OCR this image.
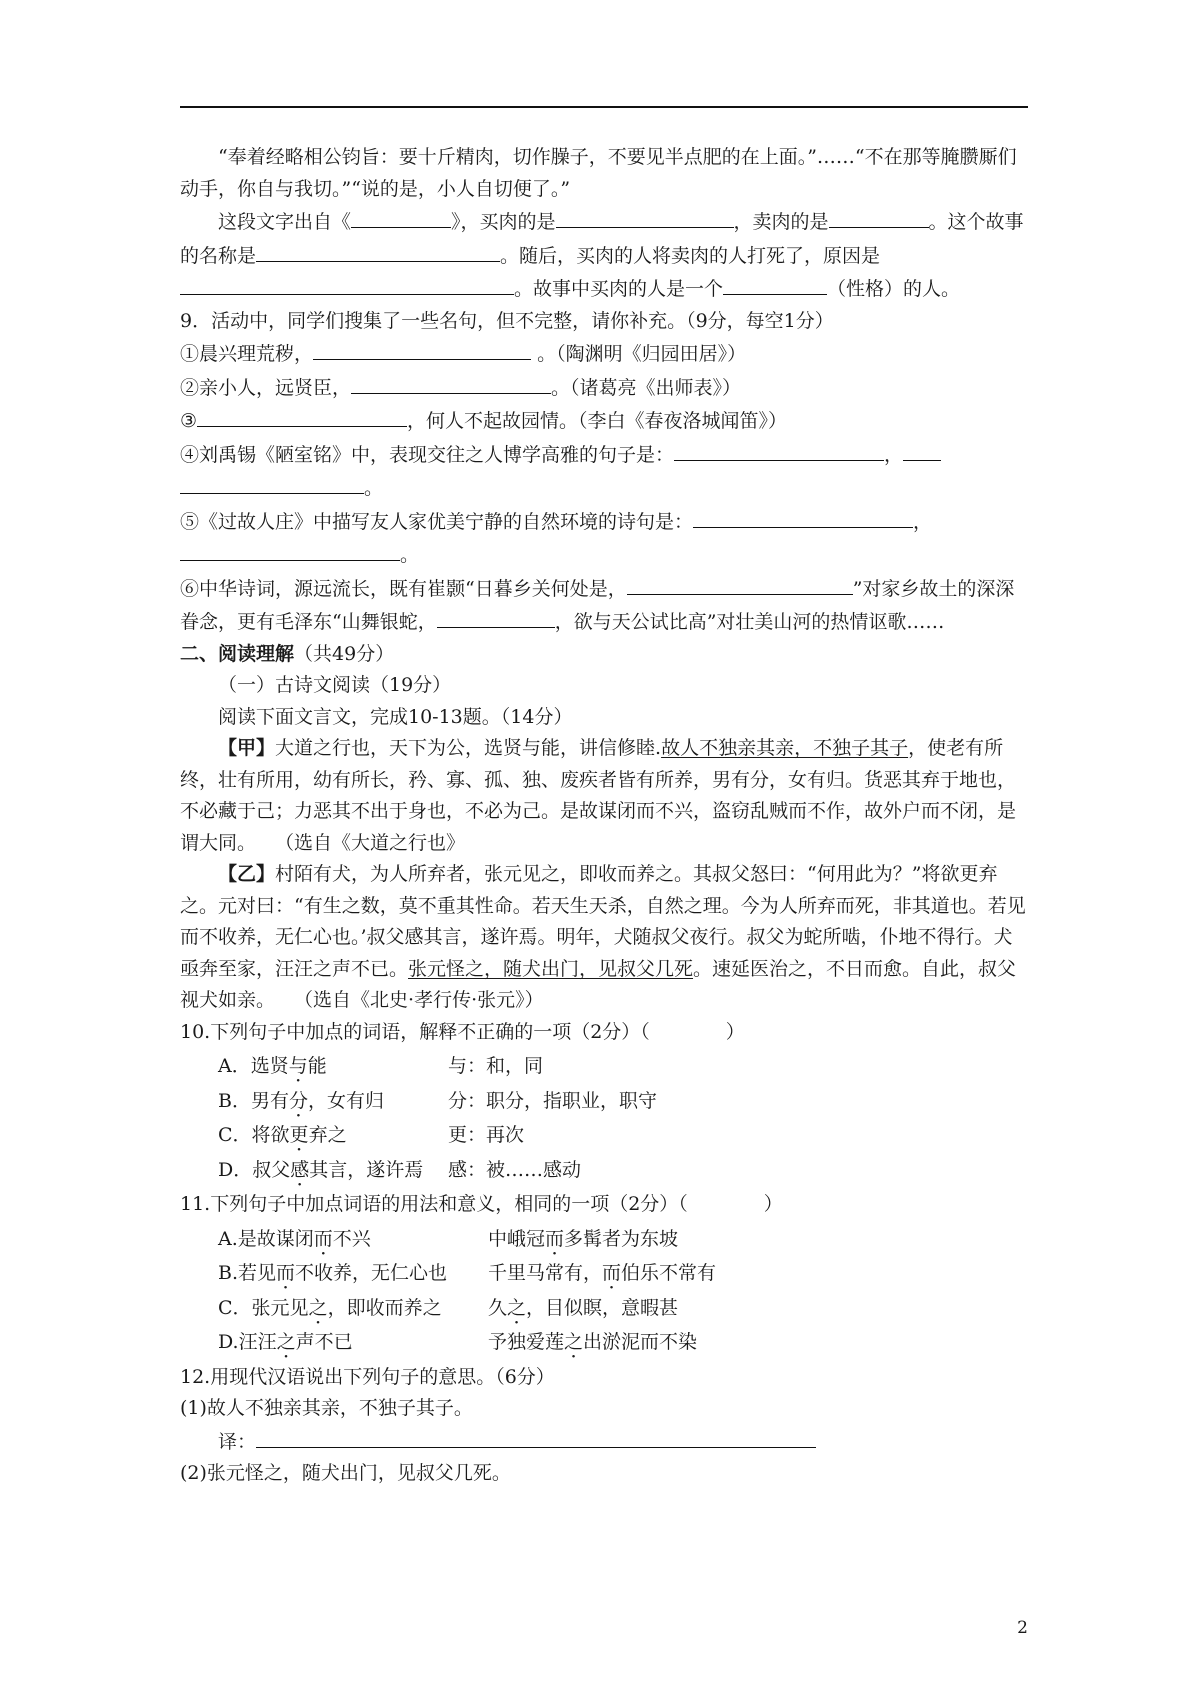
“奉着经略相公钧旨：要十斤精肉，切作臊子，不要见半点肥的在上面。”……“不在那等腌臜厮们动手，你自与我切。”“说的是，小人自切便了。”

这段文字出自《	》，买肉的是	，卖肉的是	。这个故事的名称是	。随后，买肉的人将卖肉的人打死了，原因是。故事中买肉的人是一个	（性格）的人。

9．活动中，同学们搜集了一些名句，但不完整，请你补充。（9分，每空1分）

①晨兴理荒秽，	。（陶渊明《归园田居》）

②亲小人，远贤臣，	。（诸葛亮《出师表》）

③	，何人不起故园情。（李白《春夜洛城闻笛》）

④刘禹锡《陋室铭》中，表现交往之人博学高雅的句子是：	，
。

⑤《过故人庄》中描写友人家优美宁静的自然环境的诗句是：	，
。

⑥中华诗词，源远流长，既有崔颢“日暮乡关何处是，	”对家乡故土的深深眷念，更有毛泽东“山舞银蛇，	，欲与天公试比高”对壮美山河的热情讴歌……

二、阅读理解（共49分）

（一）古诗文阅读（19分）

阅读下面文言文，完成10-13题。（14分）

【甲】大道之行也，天下为公，选贤与能，讲信修睦.故人不独亲其亲，不独子其子，使老有所终，壮有所用，幼有所长，矜、寡、孤、独、废疾者皆有所养，男有分，女有归。货恶其弃于地也，不必藏于己；力恶其不出于身也，不必为己。是故谋闭而不兴，盗窃乱贼而不作，故外户而不闭，是谓大同。　　 （选自《大道之行也》

【乙】村陌有犬，为人所弃者，张元见之，即收而养之。其叔父怒曰：“何用此为？”将欲更弃之。元对曰：“有生之数，莫不重其性命。若天生天杀，自然之理。今为人所弃而死，非其道也。若见而不收养，无仁心也。’叔父感其言，遂许焉。明年，犬随叔父夜行。叔父为蛇所啮，仆地不得行。犬亟奔至家，汪汪之声不已。张元怪之，随犬出门，见叔父几死。速延医治之，不日而愈。自此，叔父视犬如亲。　　 （选自《北史·孝行传·张元》）

10.下列句子中加点的词语，解释不正确的一项（2分）（　　　　）

A．选贤与能	与：和，同
B．男有分，女有归	分：职分，指职业，职守
C．将欲更弃之	更：再次
D．叔父感其言，遂许焉	感：被……感动

11.下列句子中加点词语的用法和意义，相同的一项（2分）（　　　　）

A.是故谋闭而不兴	中峨冠而多髯者为东坡
B.若见而不收养，无仁心也	千里马常有，而伯乐不常有
C．张元见之，即收而养之	久之，目似瞑，意暇甚
D.汪汪之声不已	予独爱莲之出淤泥而不染

12.用现代汉语说出下列句子的意思。（6分）

(1)故人不独亲其亲，不独子其子。

译：

(2)张元怪之，随犬出门，见叔父几死。

2
